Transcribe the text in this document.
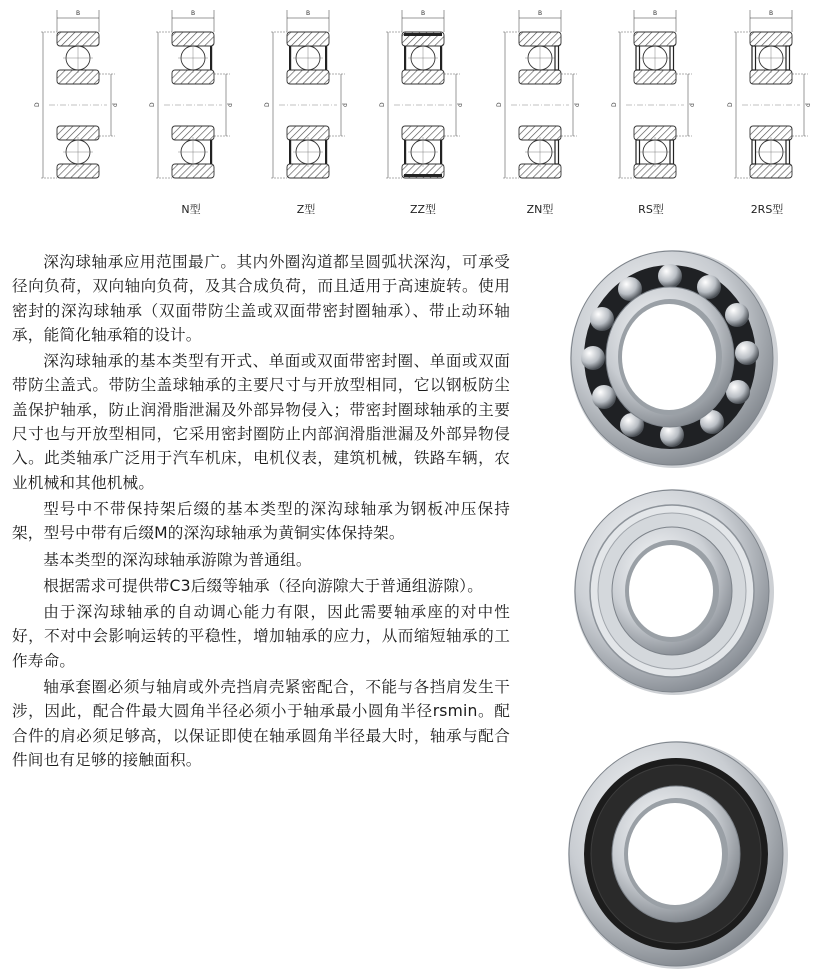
B
D	d
B
D	d
B
D	d
B
D	d
B
D	d
B
D	d
B
D	d
N型	Z型	ZZ型	ZN型	RS型	2RS型

深沟球轴承应用范围最广。其内外圈沟道都呈圆弧状深沟，可承受径向负荷，双向轴向负荷，及其合成负荷，而且适用于高速旋转。使用密封的深沟球轴承（双面带防尘盖或双面带密封圈轴承）、带止动环轴承，能简化轴承箱的设计。

深沟球轴承的基本类型有开式、单面或双面带密封圈、单面或双面带防尘盖式。带防尘盖球轴承的主要尺寸与开放型相同，它以钢板防尘盖保护轴承，防止润滑脂泄漏及外部异物侵入；带密封圈球轴承的主要尺寸也与开放型相同，它采用密封圈防止内部润滑脂泄漏及外部异物侵入。此类轴承广泛用于汽车机床，电机仪表，建筑机械，铁路车辆，农业机械和其他机械。

型号中不带保持架后缀的基本类型的深沟球轴承为钢板冲压保持架，型号中带有后缀M的深沟球轴承为黄铜实体保持架。

基本类型的深沟球轴承游隙为普通组。

根据需求可提供带C3后缀等轴承（径向游隙大于普通组游隙）。

由于深沟球轴承的自动调心能力有限，因此需要轴承座的对中性好，不对中会影响运转的平稳性，增加轴承的应力，从而缩短轴承的工作寿命。

轴承套圈必须与轴肩或外壳挡肩壳紧密配合，不能与各挡肩发生干涉，因此，配合件最大圆角半径必须小于轴承最小圆角半径rsmin。配合件的肩必须足够高，以保证即使在轴承圆角半径最大时，轴承与配合件间也有足够的接触面积。
